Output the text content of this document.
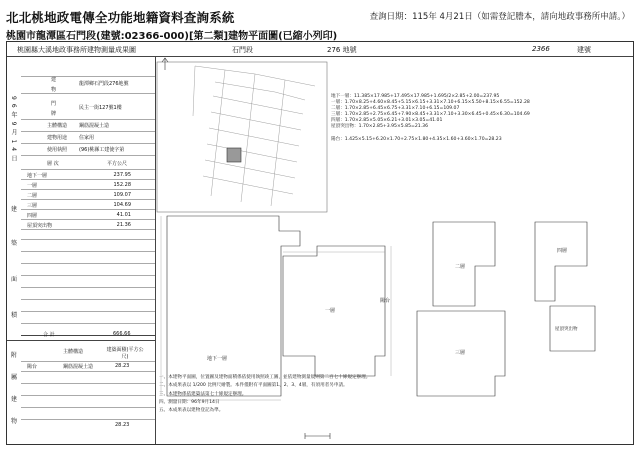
北北桃地政電傳全功能地籍資料查詢系統	查詢日期：115年 4月21日（如需登記謄本，請向地政事務所申請。）
桃園市龍潭區石門段(建號:02366-000)[第二類]建物平面圖(已縮小列印)
桃園縣大溪地政事務所建物測量成果圖	石門段	276 地號	2366	建號
96年9月14日
建
物
龍潭鄉石門段276地號
門
牌
民主一街127號1樓
主體構造 鋼筋混凝土造
建物用途 住家用
使用執照 (96)桃縣工建使字第
層 次	平方公尺
建
築
面
積
地下一層	237.95
一層	152.28
二層	109.07
三層	104.69
四層	41.01
屋頂突出物	21.36
合 計	666.66
附
屬
建
物
主體構造	建築面積(平方公尺)
陽台	鋼筋混凝土造	28.23
28.23
地下一層
一層
二層
三層
四層
陽台
屋頂突出物
地下一層：11.385×17.985+17.495×17.985+1.695/2×2.85+2.00=237.95
一層：1.70×8.25+4.60×8.45+5.15×6.15+3.31×7.10+6.15×5.50+8.15×6.55=152.28
二層：1.70×2.85+6.45×6.75+3.31×7.10+6.15=109.07
三層：1.70×2.85+2.75×6.45+7.90×8.45+3.31×7.10+3.30×6.45+0.45×6.30=104.69
四層：1.70×2.85×5.05×6.21+3.01×3.05=41.01
屋頂突出物：1.70×2.85+3.95×5.85=21.36

陽台：1.425×5.15+6.20×1.70+2.75×1.80+4.35×1.60+3.60×1.70=28.23
一、本建物平面圖，位置圖及建物面積係依使用執照竣工圖，並依建物測量規則第二百七十條規定辦理。
二、本成果表以 1/200 比例尺繪製。本件僅附有平面圖第1、2、3、4層，有須用者另申請。
三、本建物係依建築法第七十條規定辦理。
四、測量日期：96年9月14日
五、本成果表以建物登記為準。
